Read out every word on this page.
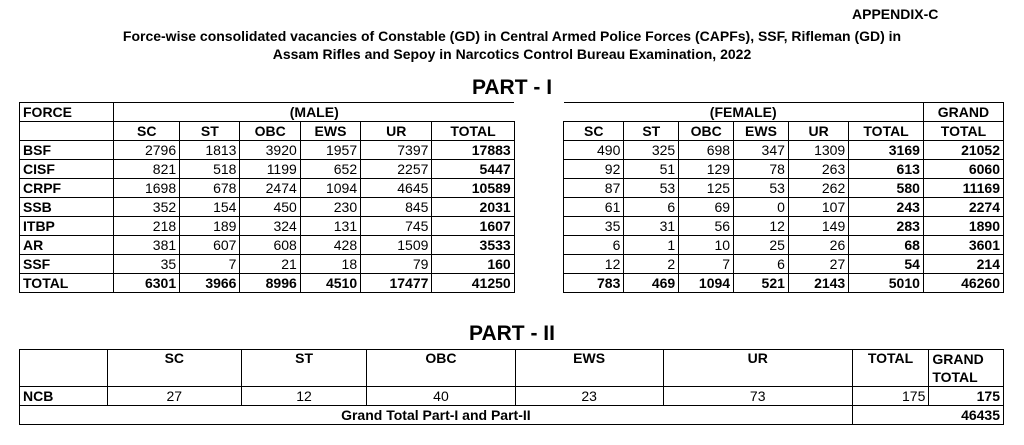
APPENDIX-C
Force-wise consolidated vacancies of Constable (GD) in Central Armed Police Forces (CAPFs), SSF, Rifleman (GD) in
Assam Rifles and Sepoy in Narcotics Control Bureau Examination, 2022
PART - I
FORCE	(MALE)							(FEMALE)						GRAND
	SC	ST	OBC	EWS	UR	TOTAL		SC	ST	OBC	EWS	UR	TOTAL	TOTAL
BSF	2796	1813	3920	1957	7397	17883		490	325	698	347	1309	3169	21052
CISF	821	518	1199	652	2257	5447		92	51	129	78	263	613	6060
CRPF	1698	678	2474	1094	4645	10589		87	53	125	53	262	580	11169
SSB	352	154	450	230	845	2031		61	6	69	0	107	243	2274
ITBP	218	189	324	131	745	1607		35	31	56	12	149	283	1890
AR	381	607	608	428	1509	3533		6	1	10	25	26	68	3601
SSF	35	7	21	18	79	160		12	2	7	6	27	54	214
TOTAL	6301	3966	8996	4510	17477	41250		783	469	1094	521	2143	5010	46260
PART - II
	SC	ST	OBC	EWS	UR	TOTAL	GRAND
TOTAL

NCB	27	12	40	23	73	175	175
Grand Total Part-I and Part-II						46435	
